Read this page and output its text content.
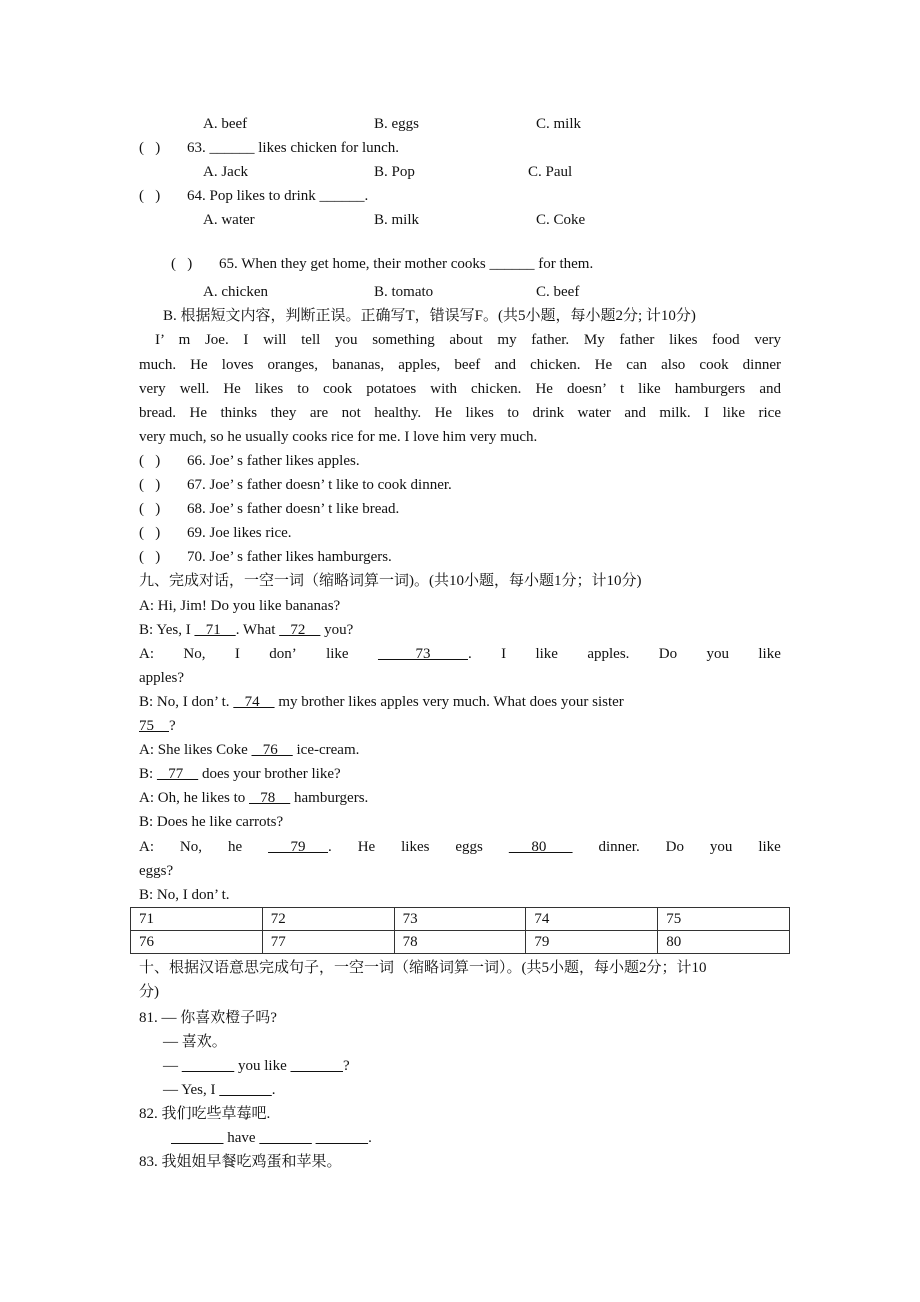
A. beef	B. eggs	C. milk
(   ) 63. ______ likes chicken for lunch.
A. Jack	B. Pop	C. Paul
(   ) 64. Pop likes to drink ______.
A. water	B. milk	C. Coke
(   ) 65. When they get home, their mother cooks ______ for them.
A. chicken	B. tomato	C. beef
B. 根据短文内容，判断正误。正确写T，错误写F。(共5小题，每小题2分; 计10分)
I’ m Joe. I will tell you something about my father. My father likes food very
much. He loves oranges, bananas, apples, beef and chicken. He can also cook dinner
very well. He likes to cook potatoes with chicken. He doesn’ t like hamburgers and
bread. He thinks they are not healthy. He likes to drink water and milk. I like rice
very much, so he usually cooks rice for me. I love him very much.
(   ) 66. Joe’ s father likes apples.
(   ) 67. Joe’ s father doesn’ t like to cook dinner.
(   ) 68. Joe’ s father doesn’ t like bread.
(   ) 69. Joe likes rice.
(   ) 70. Joe’ s father likes hamburgers.
九、完成对话，一空一词（缩略词算一词)。(共10小题，每小题1分；计10分)
A: Hi, Jim! Do you like bananas?
B: Yes, I    71    . What    72     you?
A: No, I don’ like 73          . I like apples. Do you like
apples?
B: No, I don’ t.    74     my brother likes apples very much. What does your sister
75    ?
A: She likes Coke    76     ice-cream.
B:    77     does your brother like?
A: Oh, he likes to    78     hamburgers.
B: Does he like carrots?
A: No, he 79      . He likes eggs 80 dinner. Do you like
eggs?
B: No, I don’ t.
71	72	73	74	75
76	77	78	79	80
十、根据汉语意思完成句子，一空一词（缩略词算一词）。(共5小题，每小题2分；计10
分)
81. — 你喜欢橙子吗?
— 喜欢。
—	you like	?
— Yes, I	.
82. 我们吃些草莓吧.
have	.
83. 我姐姐早餐吃鸡蛋和苹果。
